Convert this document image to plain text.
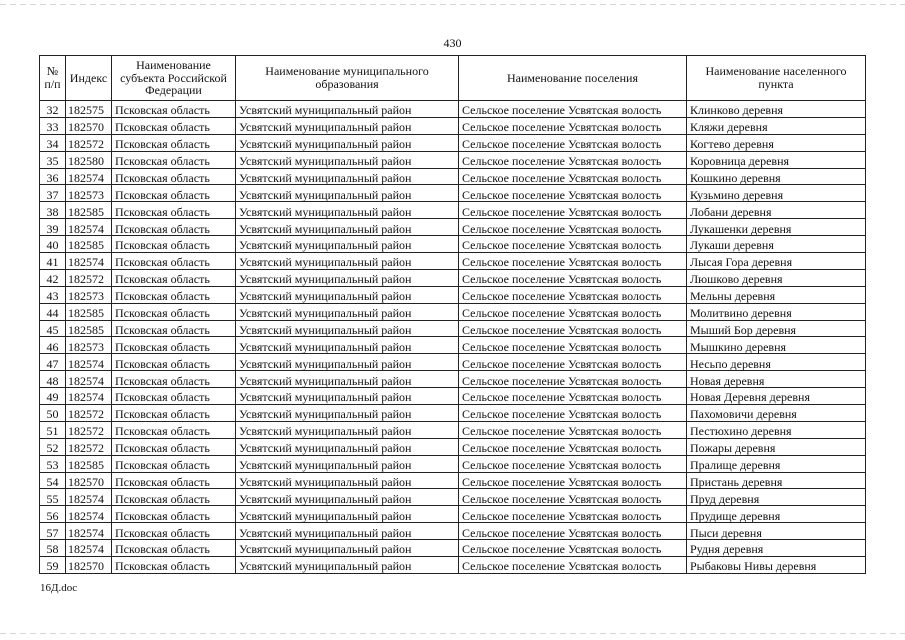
430
№ п/п	Индекс	Наименование субъекта Российской Федерации	Наименование муниципального образования	Наименование поселения	Наименование населенного пункта
32	182575	Псковская область	Усвятский муниципальный район	Сельское поселение Усвятская волость	Клинково деревня
33	182570	Псковская область	Усвятский муниципальный район	Сельское поселение Усвятская волость	Кляжи деревня
34	182572	Псковская область	Усвятский муниципальный район	Сельское поселение Усвятская волость	Когтево деревня
35	182580	Псковская область	Усвятский муниципальный район	Сельское поселение Усвятская волость	Коровница деревня
36	182574	Псковская область	Усвятский муниципальный район	Сельское поселение Усвятская волость	Кошкино деревня
37	182573	Псковская область	Усвятский муниципальный район	Сельское поселение Усвятская волость	Кузьмино деревня
38	182585	Псковская область	Усвятский муниципальный район	Сельское поселение Усвятская волость	Лобани деревня
39	182574	Псковская область	Усвятский муниципальный район	Сельское поселение Усвятская волость	Лукашенки деревня
40	182585	Псковская область	Усвятский муниципальный район	Сельское поселение Усвятская волость	Лукаши деревня
41	182574	Псковская область	Усвятский муниципальный район	Сельское поселение Усвятская волость	Лысая Гора деревня
42	182572	Псковская область	Усвятский муниципальный район	Сельское поселение Усвятская волость	Люшково деревня
43	182573	Псковская область	Усвятский муниципальный район	Сельское поселение Усвятская волость	Мельны деревня
44	182585	Псковская область	Усвятский муниципальный район	Сельское поселение Усвятская волость	Молитвино деревня
45	182585	Псковская область	Усвятский муниципальный район	Сельское поселение Усвятская волость	Мыший Бор деревня
46	182573	Псковская область	Усвятский муниципальный район	Сельское поселение Усвятская волость	Мышкино деревня
47	182574	Псковская область	Усвятский муниципальный район	Сельское поселение Усвятская волость	Несьпо деревня
48	182574	Псковская область	Усвятский муниципальный район	Сельское поселение Усвятская волость	Новая деревня
49	182574	Псковская область	Усвятский муниципальный район	Сельское поселение Усвятская волость	Новая Деревня деревня
50	182572	Псковская область	Усвятский муниципальный район	Сельское поселение Усвятская волость	Пахомовичи деревня
51	182572	Псковская область	Усвятский муниципальный район	Сельское поселение Усвятская волость	Пестюхино деревня
52	182572	Псковская область	Усвятский муниципальный район	Сельское поселение Усвятская волость	Пожары деревня
53	182585	Псковская область	Усвятский муниципальный район	Сельское поселение Усвятская волость	Пралище деревня
54	182570	Псковская область	Усвятский муниципальный район	Сельское поселение Усвятская волость	Пристань деревня
55	182574	Псковская область	Усвятский муниципальный район	Сельское поселение Усвятская волость	Пруд деревня
56	182574	Псковская область	Усвятский муниципальный район	Сельское поселение Усвятская волость	Прудище деревня
57	182574	Псковская область	Усвятский муниципальный район	Сельское поселение Усвятская волость	Пыси деревня
58	182574	Псковская область	Усвятский муниципальный район	Сельское поселение Усвятская волость	Рудня деревня
59	182570	Псковская область	Усвятский муниципальный район	Сельское поселение Усвятская волость	Рыбаковы Нивы деревня
16Д.doc
